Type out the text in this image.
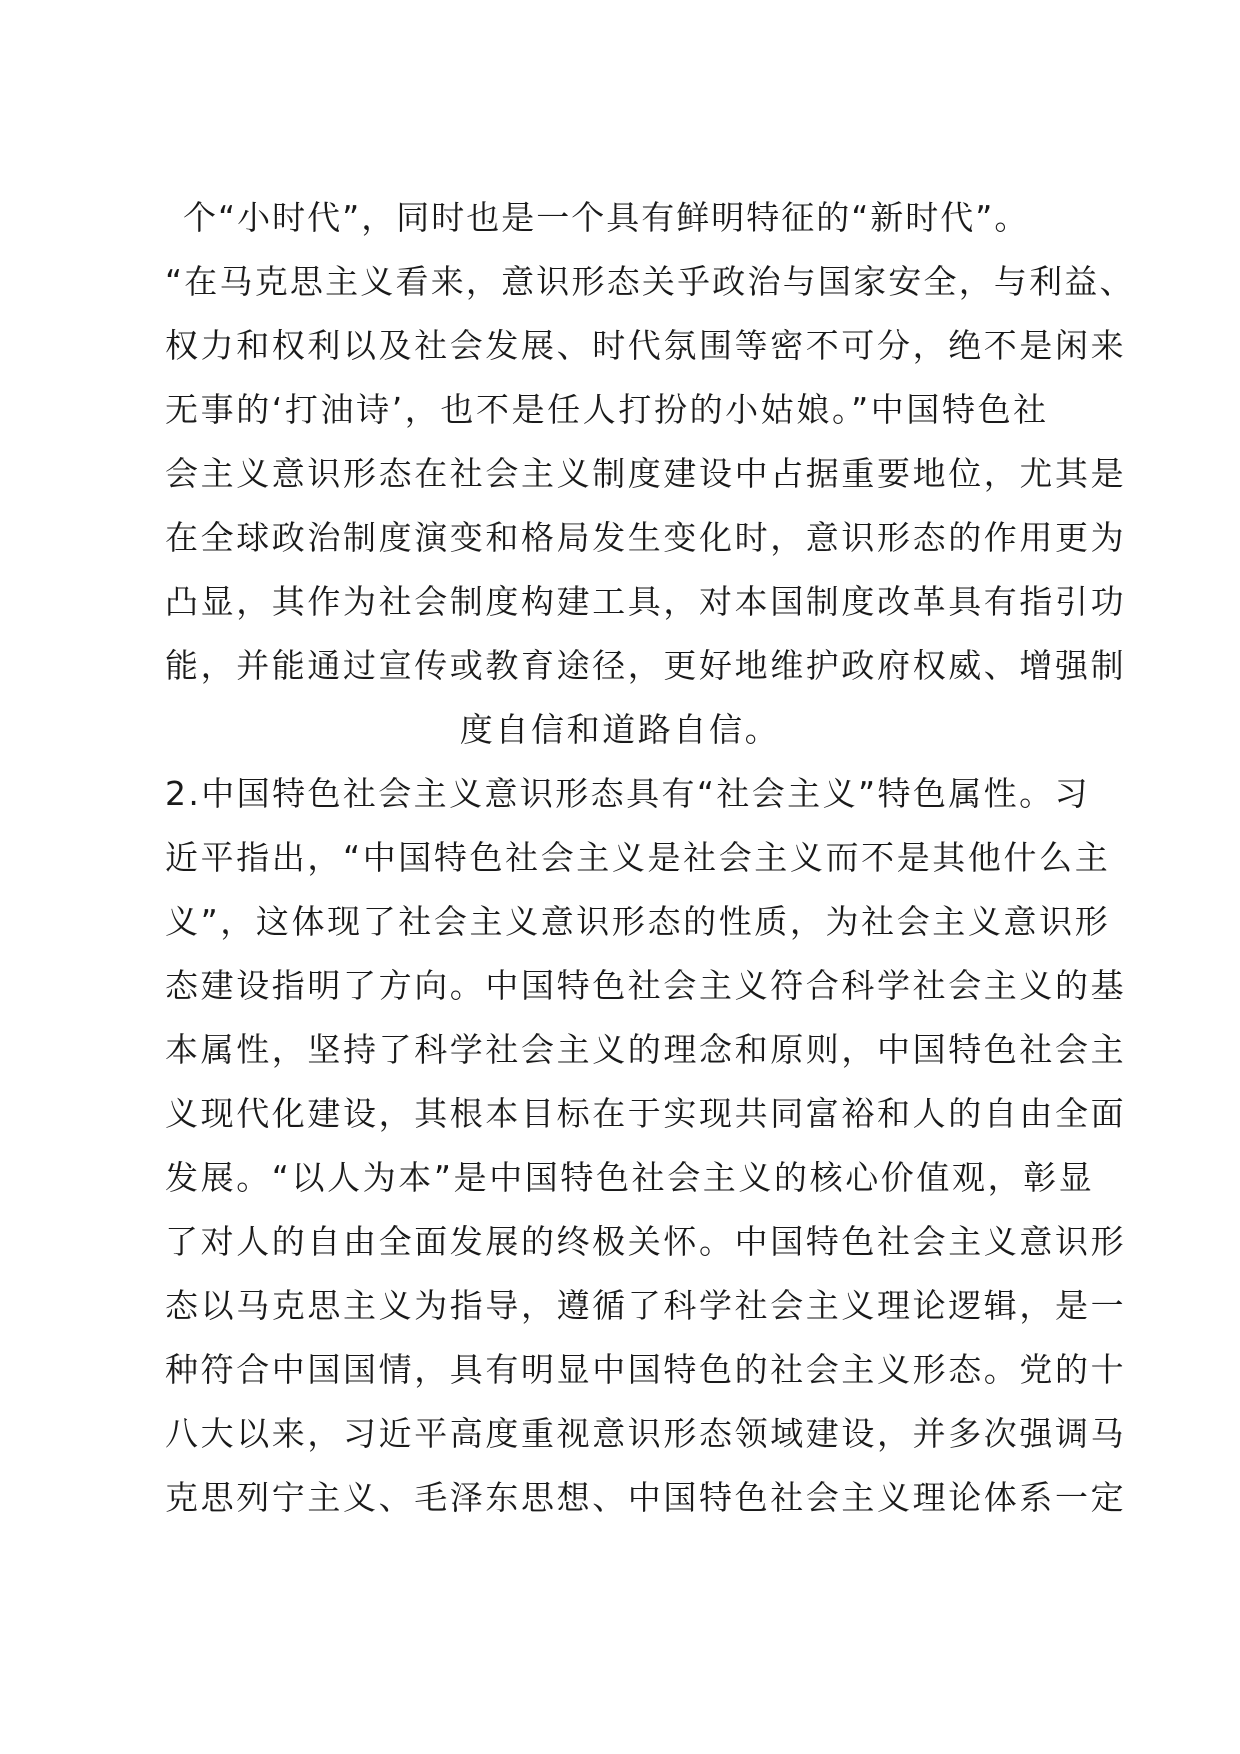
个“小时代”，同时也是一个具有鲜明特征的“新时代”。
“在马克思主义看来，意识形态关乎政治与国家安全，与利益、
权力和权利以及社会发展、时代氛围等密不可分，绝不是闲来
无事的‘打油诗’，也不是任人打扮的小姑娘。”中国特色社
会主义意识形态在社会主义制度建设中占据重要地位，尤其是
在全球政治制度演变和格局发生变化时，意识形态的作用更为
凸显，其作为社会制度构建工具，对本国制度改革具有指引功
能，并能通过宣传或教育途径，更好地维护政府权威、增强制
度自信和道路自信。
2.中国特色社会主义意识形态具有“社会主义”特色属性。习
近平指出，“中国特色社会主义是社会主义而不是其他什么主
义”，这体现了社会主义意识形态的性质，为社会主义意识形
态建设指明了方向。中国特色社会主义符合科学社会主义的基
本属性，坚持了科学社会主义的理念和原则，中国特色社会主
义现代化建设，其根本目标在于实现共同富裕和人的自由全面
发展。“以人为本”是中国特色社会主义的核心价值观，彰显
了对人的自由全面发展的终极关怀。中国特色社会主义意识形
态以马克思主义为指导，遵循了科学社会主义理论逻辑，是一
种符合中国国情，具有明显中国特色的社会主义形态。党的十
八大以来，习近平高度重视意识形态领域建设，并多次强调马
克思列宁主义、毛泽东思想、中国特色社会主义理论体系一定
